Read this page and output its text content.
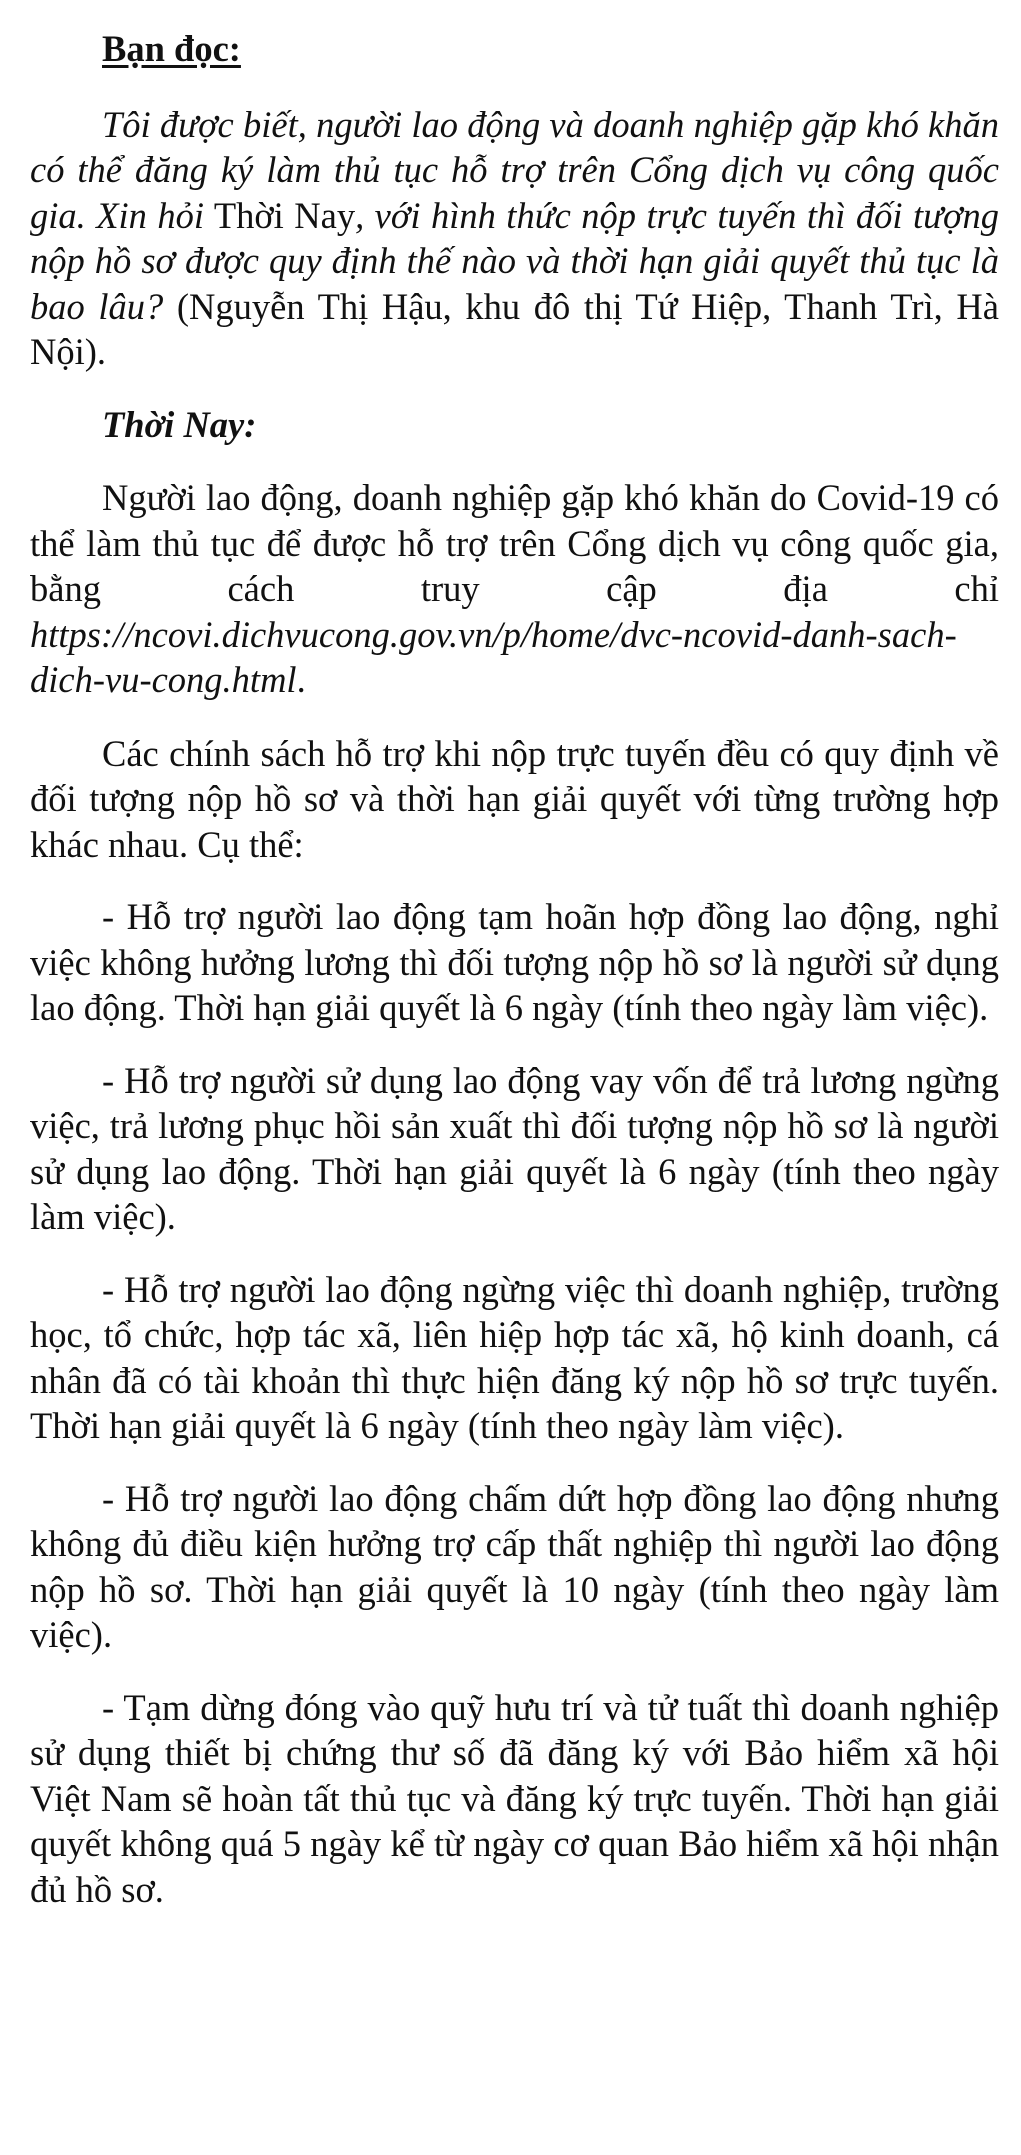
Bạn đọc:

Tôi được biết, người lao động và doanh nghiệp gặp khó khăn có thể đăng ký làm thủ tục hỗ trợ trên Cổng dịch vụ công quốc gia. Xin hỏi Thời Nay, với hình thức nộp trực tuyến thì đối tượng nộp hồ sơ được quy định thế nào và thời hạn giải quyết thủ tục là bao lâu? (Nguyễn Thị Hậu, khu đô thị Tứ Hiệp, Thanh Trì, Hà Nội).

Thời Nay:

Người lao động, doanh nghiệp gặp khó khăn do Covid-19 có thể làm thủ tục để được hỗ trợ trên Cổng dịch vụ công quốc gia, bằng cách truy cập địa chỉ https://ncovi.dichvucong.gov.vn/p/home/dvc-ncovid-danh-sach-dich-vu-cong.html.

Các chính sách hỗ trợ khi nộp trực tuyến đều có quy định về đối tượng nộp hồ sơ và thời hạn giải quyết với từng trường hợp khác nhau. Cụ thể:

- Hỗ trợ người lao động tạm hoãn hợp đồng lao động, nghỉ việc không hưởng lương thì đối tượng nộp hồ sơ là người sử dụng lao động. Thời hạn giải quyết là 6 ngày (tính theo ngày làm việc).

- Hỗ trợ người sử dụng lao động vay vốn để trả lương ngừng việc, trả lương phục hồi sản xuất thì đối tượng nộp hồ sơ là người sử dụng lao động. Thời hạn giải quyết là 6 ngày (tính theo ngày làm việc).

- Hỗ trợ người lao động ngừng việc thì doanh nghiệp, trường học, tổ chức, hợp tác xã, liên hiệp hợp tác xã, hộ kinh doanh, cá nhân đã có tài khoản thì thực hiện đăng ký nộp hồ sơ trực tuyến. Thời hạn giải quyết là 6 ngày (tính theo ngày làm việc).

- Hỗ trợ người lao động chấm dứt hợp đồng lao động nhưng không đủ điều kiện hưởng trợ cấp thất nghiệp thì người lao động nộp hồ sơ. Thời hạn giải quyết là 10 ngày (tính theo ngày làm việc).

- Tạm dừng đóng vào quỹ hưu trí và tử tuất thì doanh nghiệp sử dụng thiết bị chứng thư số đã đăng ký với Bảo hiểm xã hội Việt Nam sẽ hoàn tất thủ tục và đăng ký trực tuyến. Thời hạn giải quyết không quá 5 ngày kể từ ngày cơ quan Bảo hiểm xã hội nhận đủ hồ sơ.
